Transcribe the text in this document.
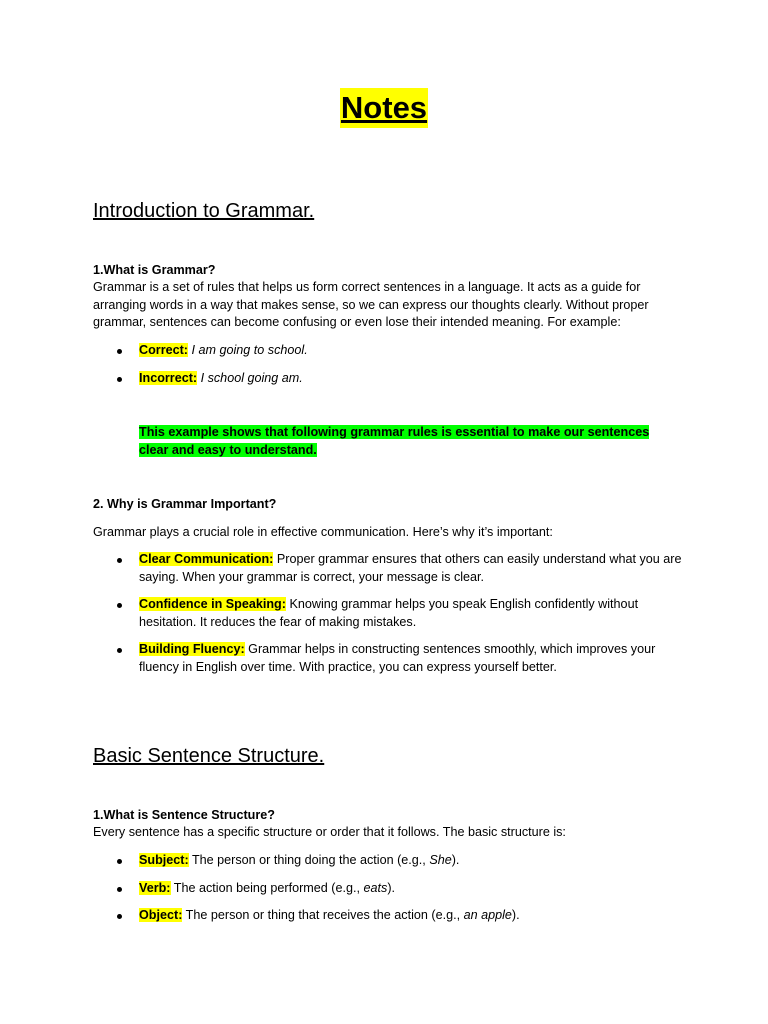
Notes
Introduction to Grammar.

1.What is Grammar?

Grammar is a set of rules that helps us form correct sentences in a language. It acts as a guide for arranging words in a way that makes sense, so we can express our thoughts clearly. Without proper grammar, sentences can become confusing or even lose their intended meaning. For example:

Correct: I am going to school.
Incorrect: I school going am.

This example shows that following grammar rules is essential to make our sentences clear and easy to understand.

2. Why is Grammar Important?

Grammar plays a crucial role in effective communication. Here’s why it’s important:

Clear Communication: Proper grammar ensures that others can easily understand what you are saying. When your grammar is correct, your message is clear.
Confidence in Speaking: Knowing grammar helps you speak English confidently without hesitation. It reduces the fear of making mistakes.
Building Fluency: Grammar helps in constructing sentences smoothly, which improves your fluency in English over time. With practice, you can express yourself better.
Basic Sentence Structure.

1.What is Sentence Structure?

Every sentence has a specific structure or order that it follows. The basic structure is:

Subject: The person or thing doing the action (e.g., She).
Verb: The action being performed (e.g., eats).
Object: The person or thing that receives the action (e.g., an apple).
